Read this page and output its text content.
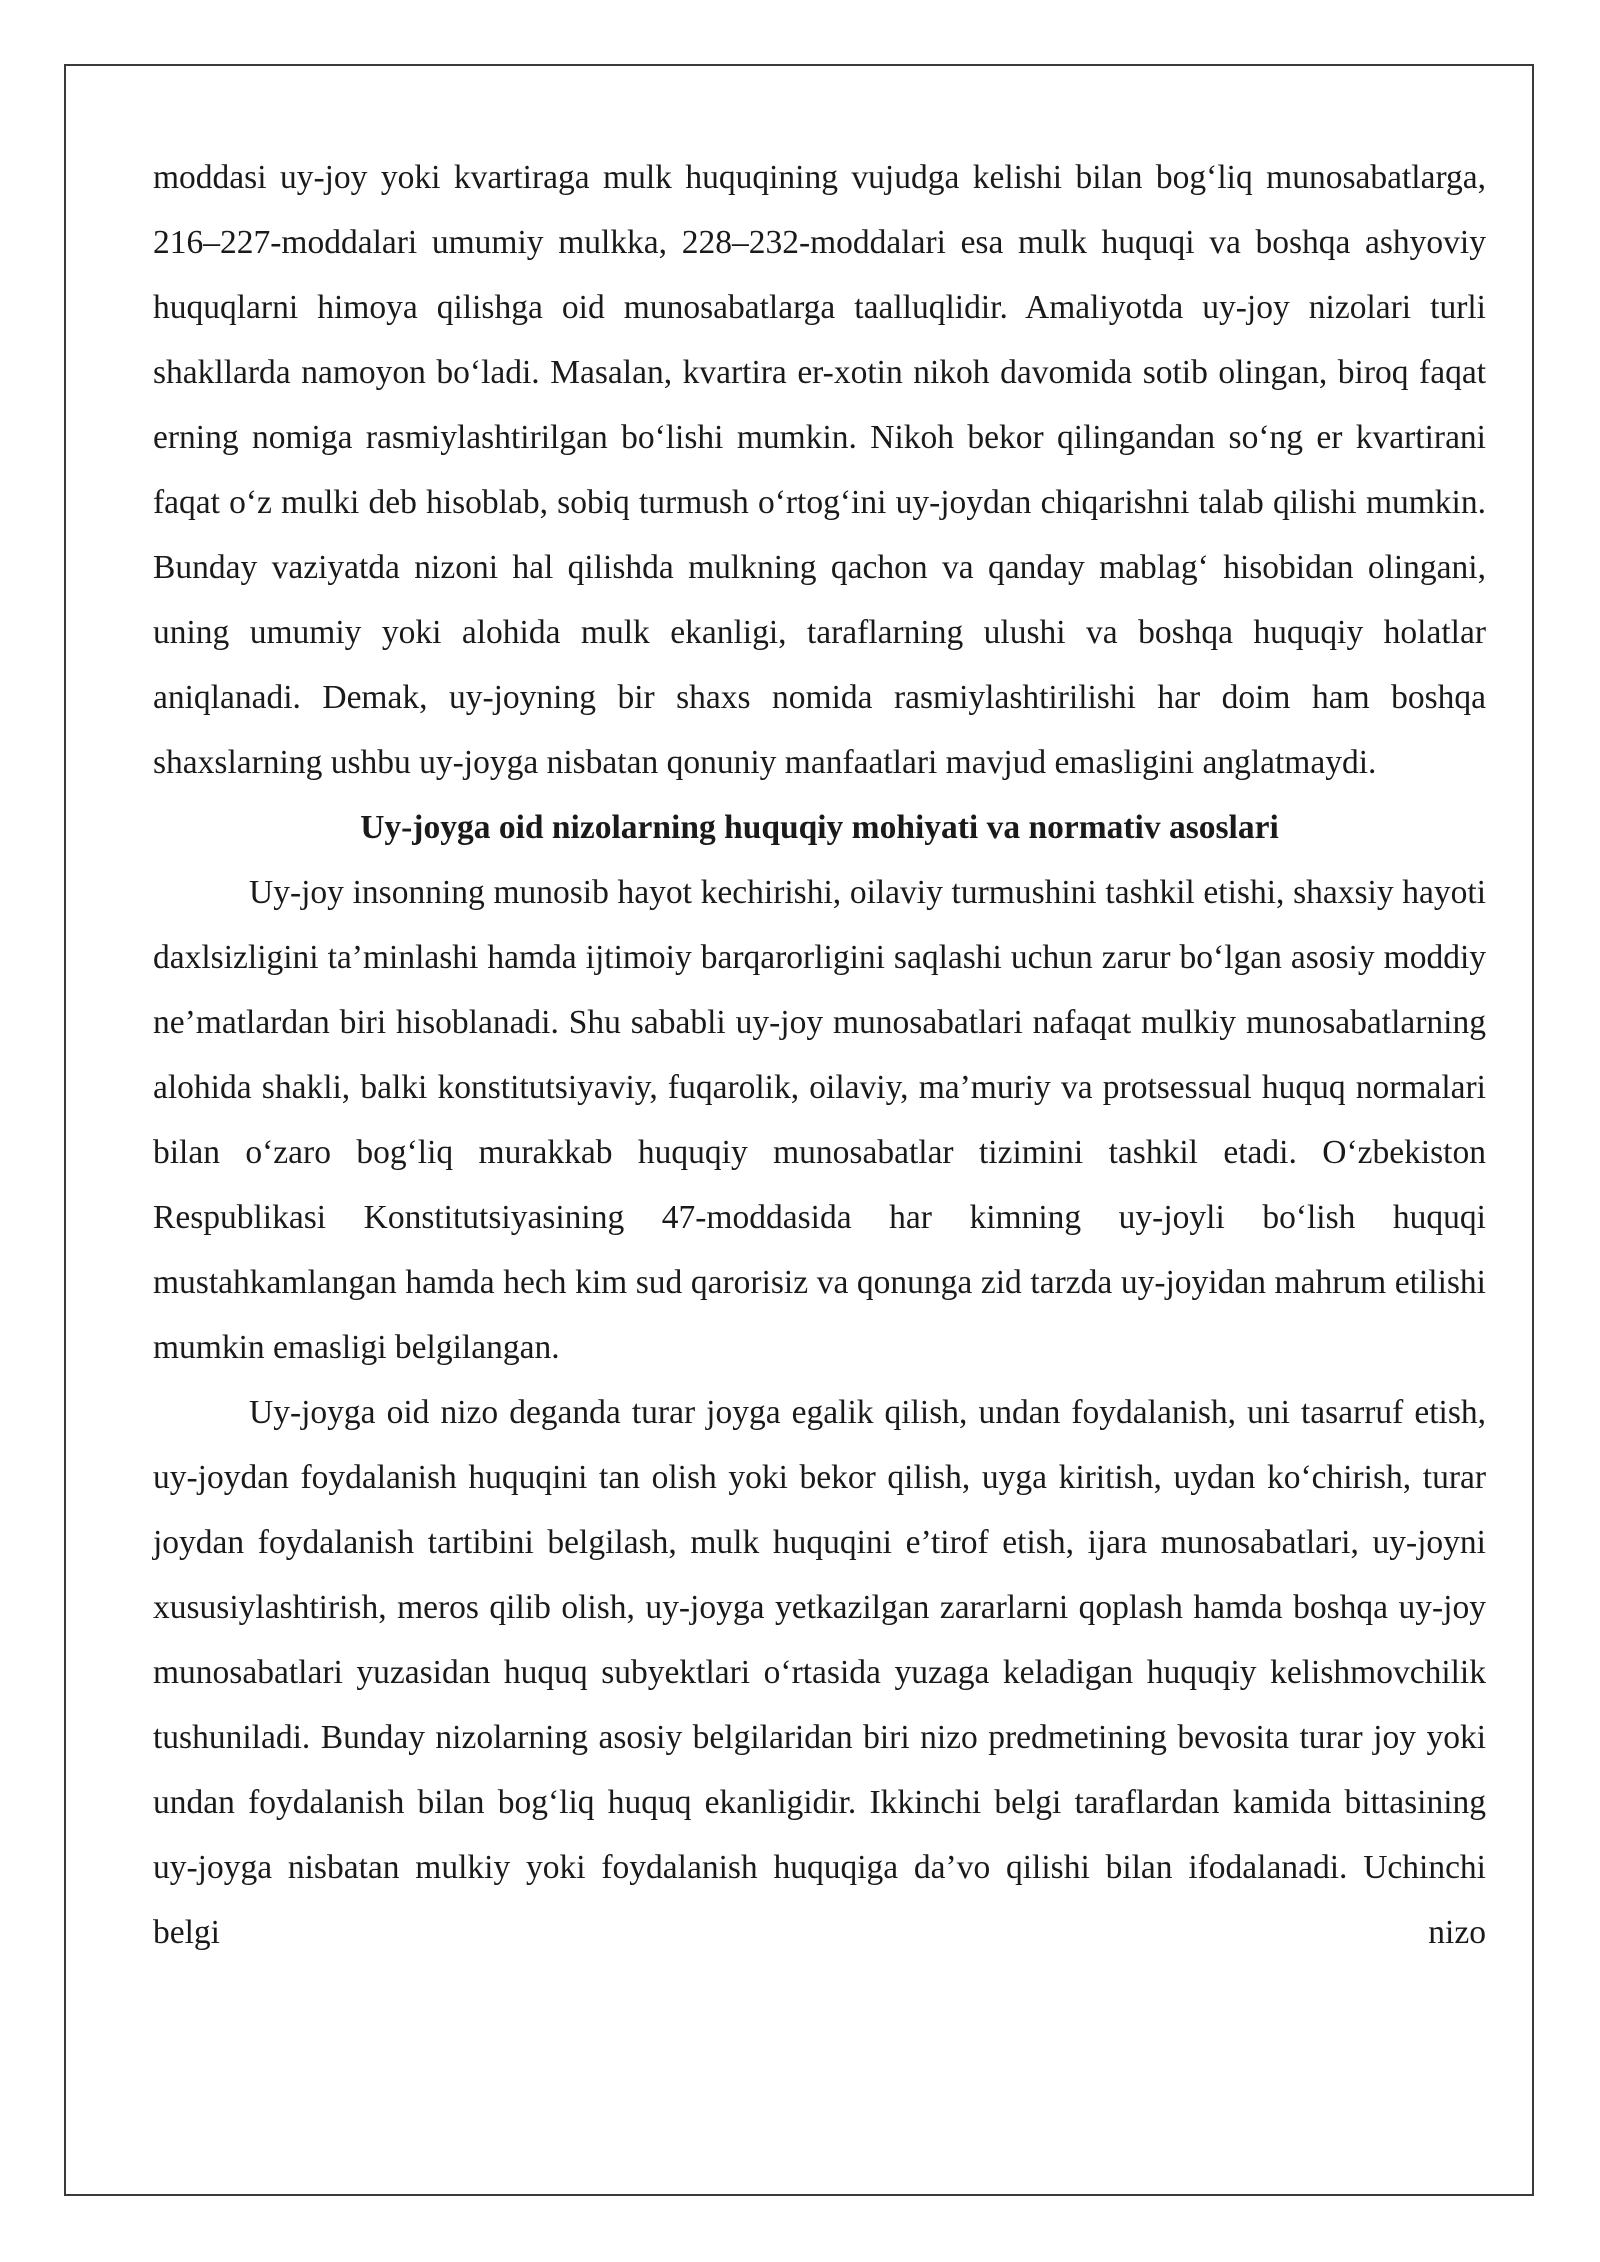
moddasi uy-joy yoki kvartiraga mulk huquqining vujudga kelishi bilan bog‘liq munosabatlarga, 216–227-moddalari umumiy mulkka, 228–232-moddalari esa mulk huquqi va boshqa ashyoviy huquqlarni himoya qilishga oid munosabatlarga taalluqlidir. Amaliyotda uy-joy nizolari turli shakllarda namoyon bo‘ladi. Masalan, kvartira er-xotin nikoh davomida sotib olingan, biroq faqat erning nomiga rasmiylashtirilgan bo‘lishi mumkin. Nikoh bekor qilingandan so‘ng er kvartirani faqat o‘z mulki deb hisoblab, sobiq turmush o‘rtog‘ini uy-joydan chiqarishni talab qilishi mumkin. Bunday vaziyatda nizoni hal qilishda mulkning qachon va qanday mablag‘ hisobidan olingani, uning umumiy yoki alohida mulk ekanligi, taraflarning ulushi va boshqa huquqiy holatlar aniqlanadi. Demak, uy-joyning bir shaxs nomida rasmiylashtirilishi har doim ham boshqa shaxslarning ushbu uy-joyga nisbatan qonuniy manfaatlari mavjud emasligini anglatmaydi.

Uy-joyga oid nizolarning huquqiy mohiyati va normativ asoslari

Uy-joy insonning munosib hayot kechirishi, oilaviy turmushini tashkil etishi, shaxsiy hayoti daxlsizligini ta’minlashi hamda ijtimoiy barqarorligini saqlashi uchun zarur bo‘lgan asosiy moddiy ne’matlardan biri hisoblanadi. Shu sababli uy-joy munosabatlari nafaqat mulkiy munosabatlarning alohida shakli, balki konstitutsiyaviy, fuqarolik, oilaviy, ma’muriy va protsessual huquq normalari bilan o‘zaro bog‘liq murakkab huquqiy munosabatlar tizimini tashkil etadi. O‘zbekiston Respublikasi Konstitutsiyasining 47-moddasida har kimning uy-joyli bo‘lish huquqi mustahkamlangan hamda hech kim sud qarorisiz va qonunga zid tarzda uy-joyidan mahrum etilishi mumkin emasligi belgilangan.

Uy-joyga oid nizo deganda turar joyga egalik qilish, undan foydalanish, uni tasarruf etish, uy-joydan foydalanish huquqini tan olish yoki bekor qilish, uyga kiritish, uydan ko‘chirish, turar joydan foydalanish tartibini belgilash, mulk huquqini e’tirof etish, ijara munosabatlari, uy-joyni xususiylashtirish, meros qilib olish, uy-joyga yetkazilgan zararlarni qoplash hamda boshqa uy-joy munosabatlari yuzasidan huquq subyektlari o‘rtasida yuzaga keladigan huquqiy kelishmovchilik tushuniladi. Bunday nizolarning asosiy belgilaridan biri nizo predmetining bevosita turar joy yoki undan foydalanish bilan bog‘liq huquq ekanligidir. Ikkinchi belgi taraflardan kamida bittasining uy-joyga nisbatan mulkiy yoki foydalanish huquqiga da’vo qilishi bilan ifodalanadi. Uchinchi belgi nizo
